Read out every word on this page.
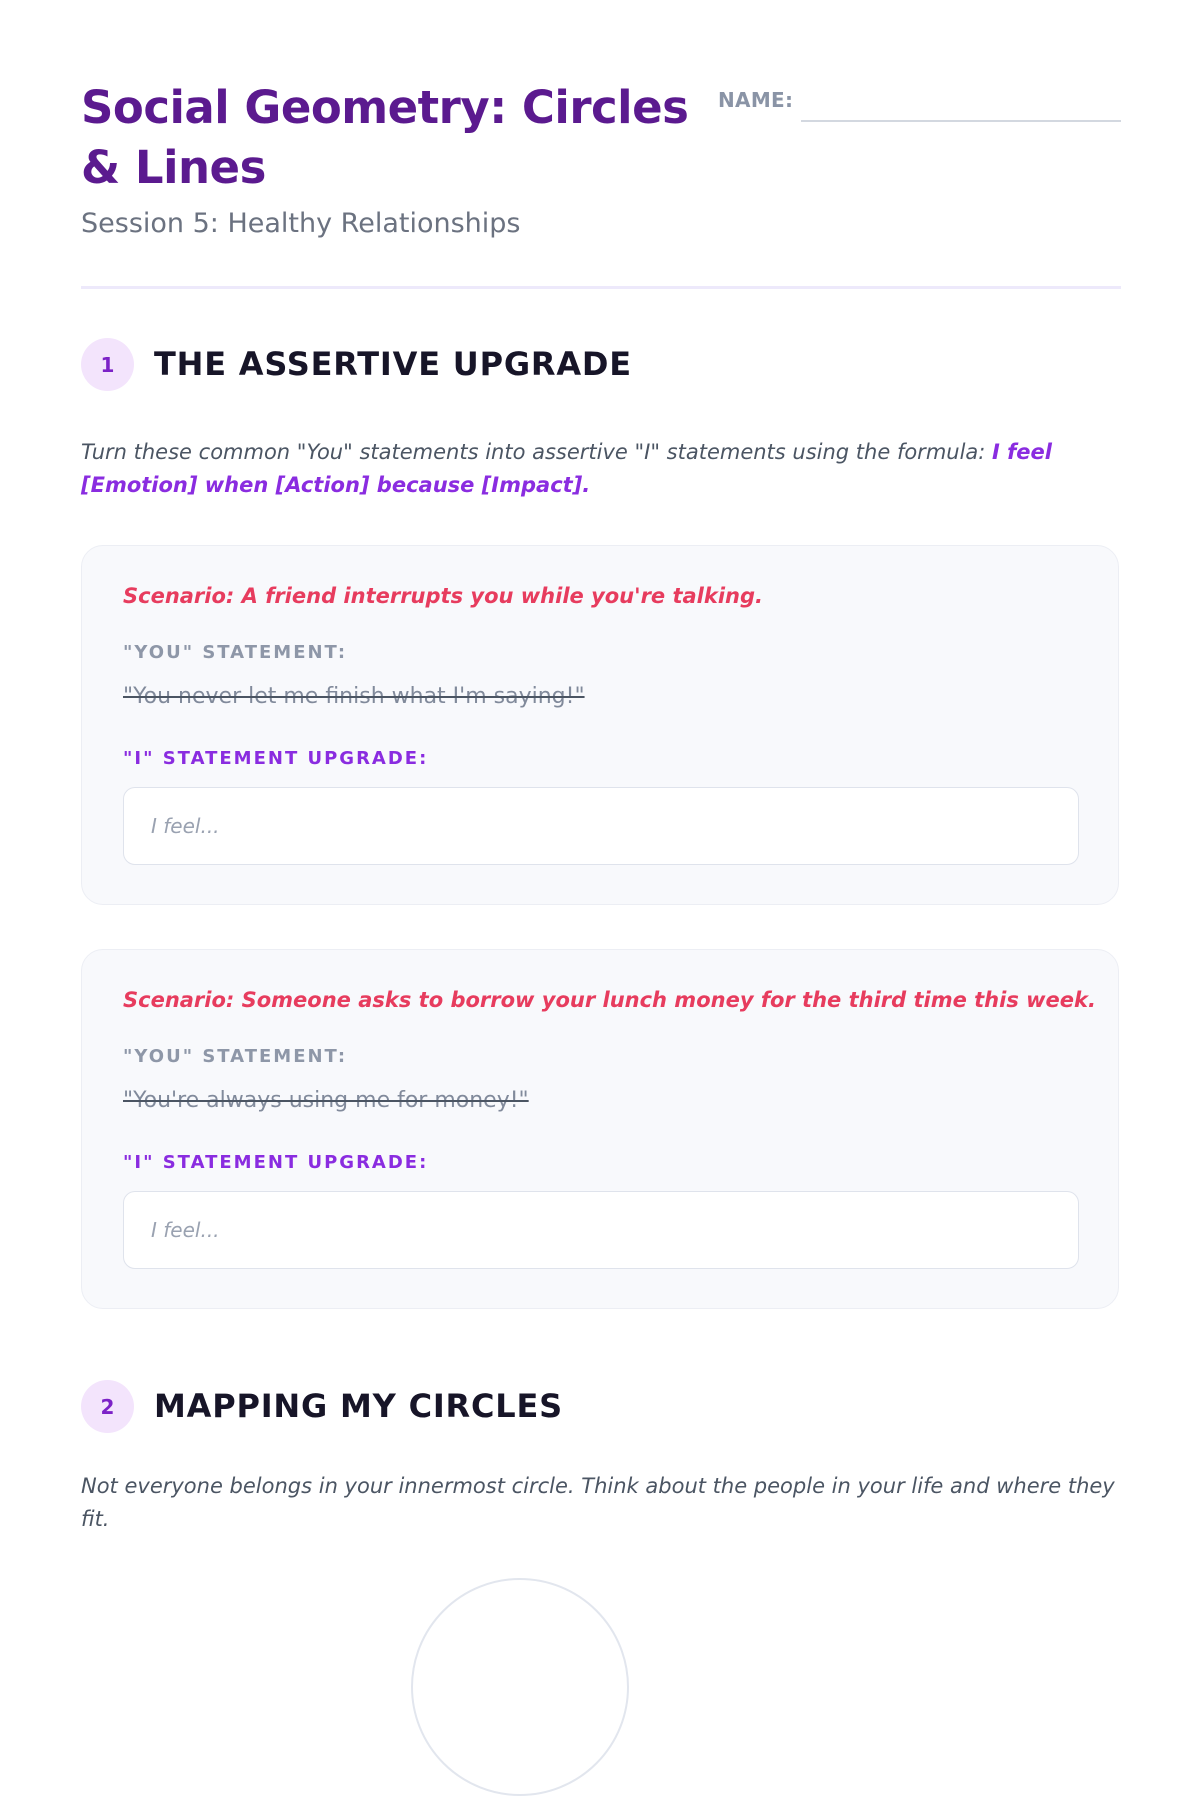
Social Geometry: Circles & Lines
Session 5: Healthy Relationships
NAME:
1	THE ASSERTIVE UPGRADE
Turn these common "You" statements into assertive "I" statements using the formula: I feel [Emotion] when [Action] because [Impact].
Scenario: A friend interrupts you while you're talking.
"YOU" STATEMENT:
"You never let me finish what I'm saying!"
"I" STATEMENT UPGRADE:
I feel...
Scenario: Someone asks to borrow your lunch money for the third time this week.
"YOU" STATEMENT:
"You're always using me for money!"
"I" STATEMENT UPGRADE:
I feel...
2	MAPPING MY CIRCLES
Not everyone belongs in your innermost circle. Think about the people in your life and where they fit.
